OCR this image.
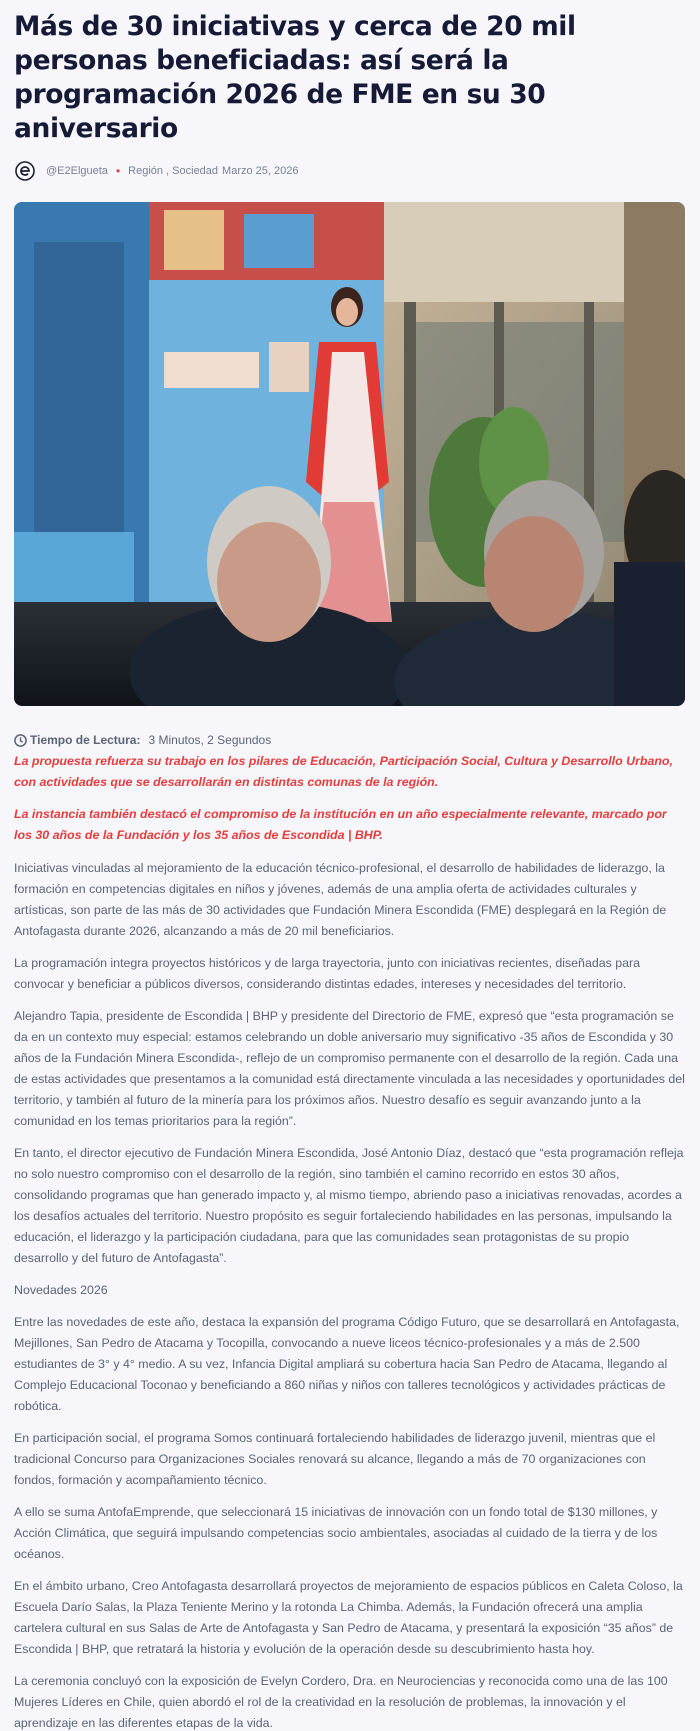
Más de 30 iniciativas y cerca de 20 mil personas beneficiadas: así será la programación 2026 de FME en su 30 aniversario
@E2Elgueta • Región , Sociedad Marzo 25, 2026
Tiempo de Lectura: 3 Minutos, 2 Segundos

La propuesta refuerza su trabajo en los pilares de Educación, Participación Social, Cultura y Desarrollo Urbano, con actividades que se desarrollarán en distintas comunas de la región.

La instancia también destacó el compromiso de la institución en un año especialmente relevante, marcado por los 30 años de la Fundación y los 35 años de Escondida | BHP.

Iniciativas vinculadas al mejoramiento de la educación técnico-profesional, el desarrollo de habilidades de liderazgo, la formación en competencias digitales en niños y jóvenes, además de una amplia oferta de actividades culturales y artísticas, son parte de las más de 30 actividades que Fundación Minera Escondida (FME) desplegará en la Región de Antofagasta durante 2026, alcanzando a más de 20 mil beneficiarios.

La programación integra proyectos históricos y de larga trayectoria, junto con iniciativas recientes, diseñadas para convocar y beneficiar a públicos diversos, considerando distintas edades, intereses y necesidades del territorio.

Alejandro Tapia, presidente de Escondida | BHP y presidente del Directorio de FME, expresó que “esta programación se da en un contexto muy especial: estamos celebrando un doble aniversario muy significativo -35 años de Escondida y 30 años de la Fundación Minera Escondida-, reflejo de un compromiso permanente con el desarrollo de la región. Cada una de estas actividades que presentamos a la comunidad está directamente vinculada a las necesidades y oportunidades del territorio, y también al futuro de la minería para los próximos años. Nuestro desafío es seguir avanzando junto a la comunidad en los temas prioritarios para la región”.

En tanto, el director ejecutivo de Fundación Minera Escondida, José Antonio Díaz, destacó que “esta programación refleja no solo nuestro compromiso con el desarrollo de la región, sino también el camino recorrido en estos 30 años, consolidando programas que han generado impacto y, al mismo tiempo, abriendo paso a iniciativas renovadas, acordes a los desafíos actuales del territorio. Nuestro propósito es seguir fortaleciendo habilidades en las personas, impulsando la educación, el liderazgo y la participación ciudadana, para que las comunidades sean protagonistas de su propio desarrollo y del futuro de Antofagasta”.

Novedades 2026

Entre las novedades de este año, destaca la expansión del programa Código Futuro, que se desarrollará en Antofagasta, Mejillones, San Pedro de Atacama y Tocopilla, convocando a nueve liceos técnico-profesionales y a más de 2.500 estudiantes de 3° y 4° medio. A su vez, Infancia Digital ampliará su cobertura hacia San Pedro de Atacama, llegando al Complejo Educacional Toconao y beneficiando a 860 niñas y niños con talleres tecnológicos y actividades prácticas de robótica.

En participación social, el programa Somos continuará fortaleciendo habilidades de liderazgo juvenil, mientras que el tradicional Concurso para Organizaciones Sociales renovará su alcance, llegando a más de 70 organizaciones con fondos, formación y acompañamiento técnico.

A ello se suma AntofaEmprende, que seleccionará 15 iniciativas de innovación con un fondo total de $130 millones, y Acción Climática, que seguirá impulsando competencias socio ambientales, asociadas al cuidado de la tierra y de los océanos.

En el ámbito urbano, Creo Antofagasta desarrollará proyectos de mejoramiento de espacios públicos en Caleta Coloso, la Escuela Darío Salas, la Plaza Teniente Merino y la rotonda La Chimba. Además, la Fundación ofrecerá una amplia cartelera cultural en sus Salas de Arte de Antofagasta y San Pedro de Atacama, y presentará la exposición “35 años” de Escondida | BHP, que retratará la historia y evolución de la operación desde su descubrimiento hasta hoy.

La ceremonia concluyó con la exposición de Evelyn Cordero, Dra. en Neurociencias y reconocida como una de las 100 Mujeres Líderes en Chile, quien abordó el rol de la creatividad en la resolución de problemas, la innovación y el aprendizaje en las diferentes etapas de la vida.
